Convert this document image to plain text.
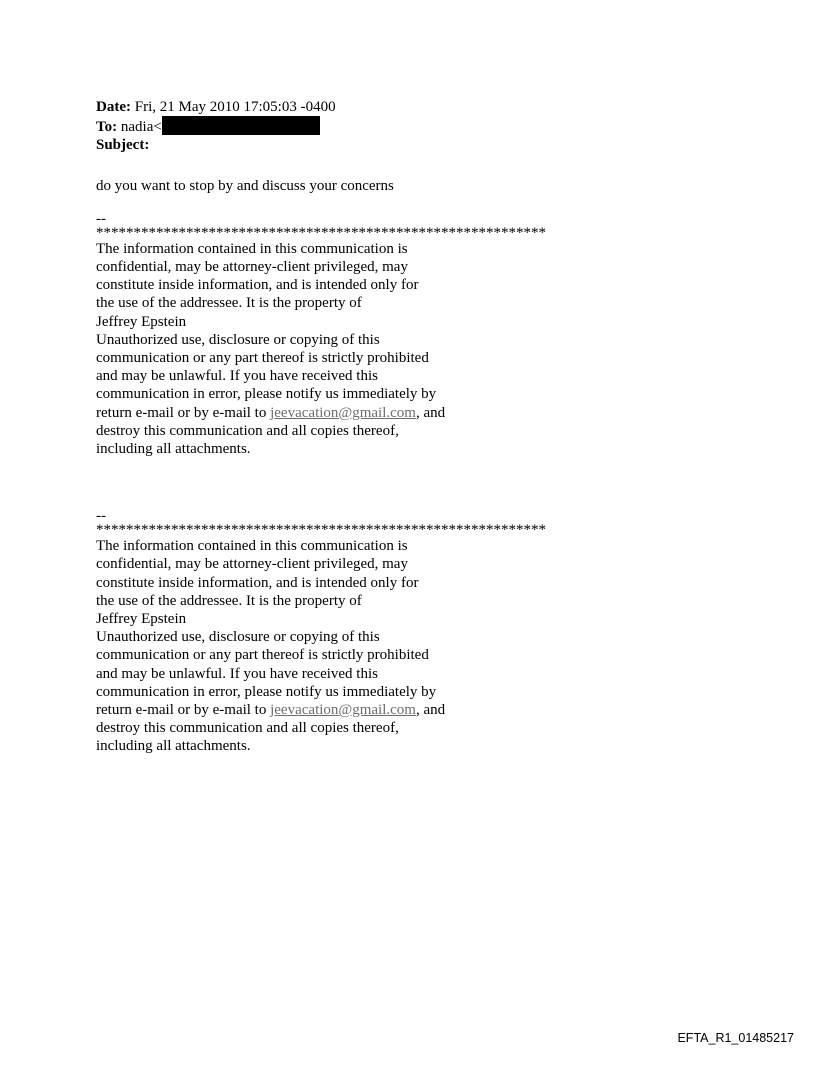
Date: Fri, 21 May 2010 17:05:03 -0400
To: nadia<
Subject:
do you want to stop by and discuss your concerns
--
************************************************************
The information contained in this communication is
confidential, may be attorney-client privileged, may
constitute inside information, and is intended only for
the use of the addressee. It is the property of
Jeffrey Epstein
Unauthorized use, disclosure or copying of this
communication or any part thereof is strictly prohibited
and may be unlawful. If you have received this
communication in error, please notify us immediately by
return e-mail or by e-mail to jeevacation@gmail.com, and
destroy this communication and all copies thereof,
including all attachments.
--
************************************************************
The information contained in this communication is
confidential, may be attorney-client privileged, may
constitute inside information, and is intended only for
the use of the addressee. It is the property of
Jeffrey Epstein
Unauthorized use, disclosure or copying of this
communication or any part thereof is strictly prohibited
and may be unlawful. If you have received this
communication in error, please notify us immediately by
return e-mail or by e-mail to jeevacation@gmail.com, and
destroy this communication and all copies thereof,
including all attachments.
EFTA_R1_01485217
